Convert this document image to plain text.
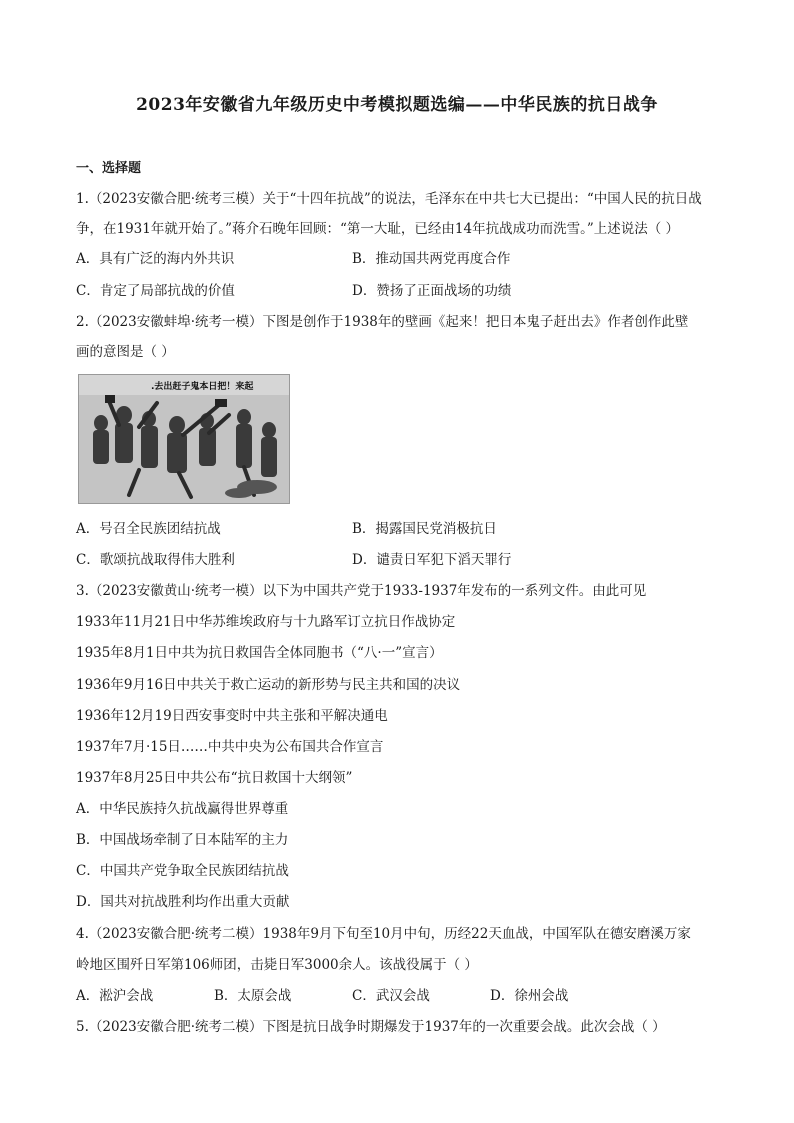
2023年安徽省九年级历史中考模拟题选编——中华民族的抗日战争
一、选择题
1.（2023安徽合肥·统考三模）关于“十四年抗战”的说法，毛泽东在中共七大已提出：“中国人民的抗日战
争，在1931年就开始了。”蒋介石晚年回顾：“第一大耻，已经由14年抗战成功而洗雪。”上述说法（ ）
A．具有广泛的海内外共识	B．推动国共两党再度合作
C．肯定了局部抗战的价值	D．赞扬了正面战场的功绩
2.（2023安徽蚌埠·统考一模）下图是创作于1938年的壁画《起来！把日本鬼子赶出去》作者创作此壁
画的意图是（ ）
.去出赶子鬼本日把！来起
A．号召全民族团结抗战	B．揭露国民党消极抗日
C．歌颂抗战取得伟大胜利	D．谴责日军犯下滔天罪行
3.（2023安徽黄山·统考一模）以下为中国共产党于1933-1937年发布的一系列文件。由此可见
1933年11月21日中华苏维埃政府与十九路军订立抗日作战协定
1935年8月1日中共为抗日救国告全体同胞书（“八·一”宣言）
1936年9月16日中共关于救亡运动的新形势与民主共和国的决议
1936年12月19日西安事变时中共主张和平解决通电
1937年7月·15日……中共中央为公布国共合作宣言
1937年8月25日中共公布“抗日救国十大纲领”
A．中华民族持久抗战赢得世界尊重
B．中国战场牵制了日本陆军的主力
C．中国共产党争取全民族团结抗战
D．国共对抗战胜利均作出重大贡献
4.（2023安徽合肥·统考二模）1938年9月下旬至10月中旬，历经22天血战，中国军队在德安磨溪万家
岭地区围歼日军第106师团，击毙日军3000余人。该战役属于（ ）
A．淞沪会战	B．太原会战	C．武汉会战	D．徐州会战
5.（2023安徽合肥·统考二模）下图是抗日战争时期爆发于1937年的一次重要会战。此次会战（ ）
